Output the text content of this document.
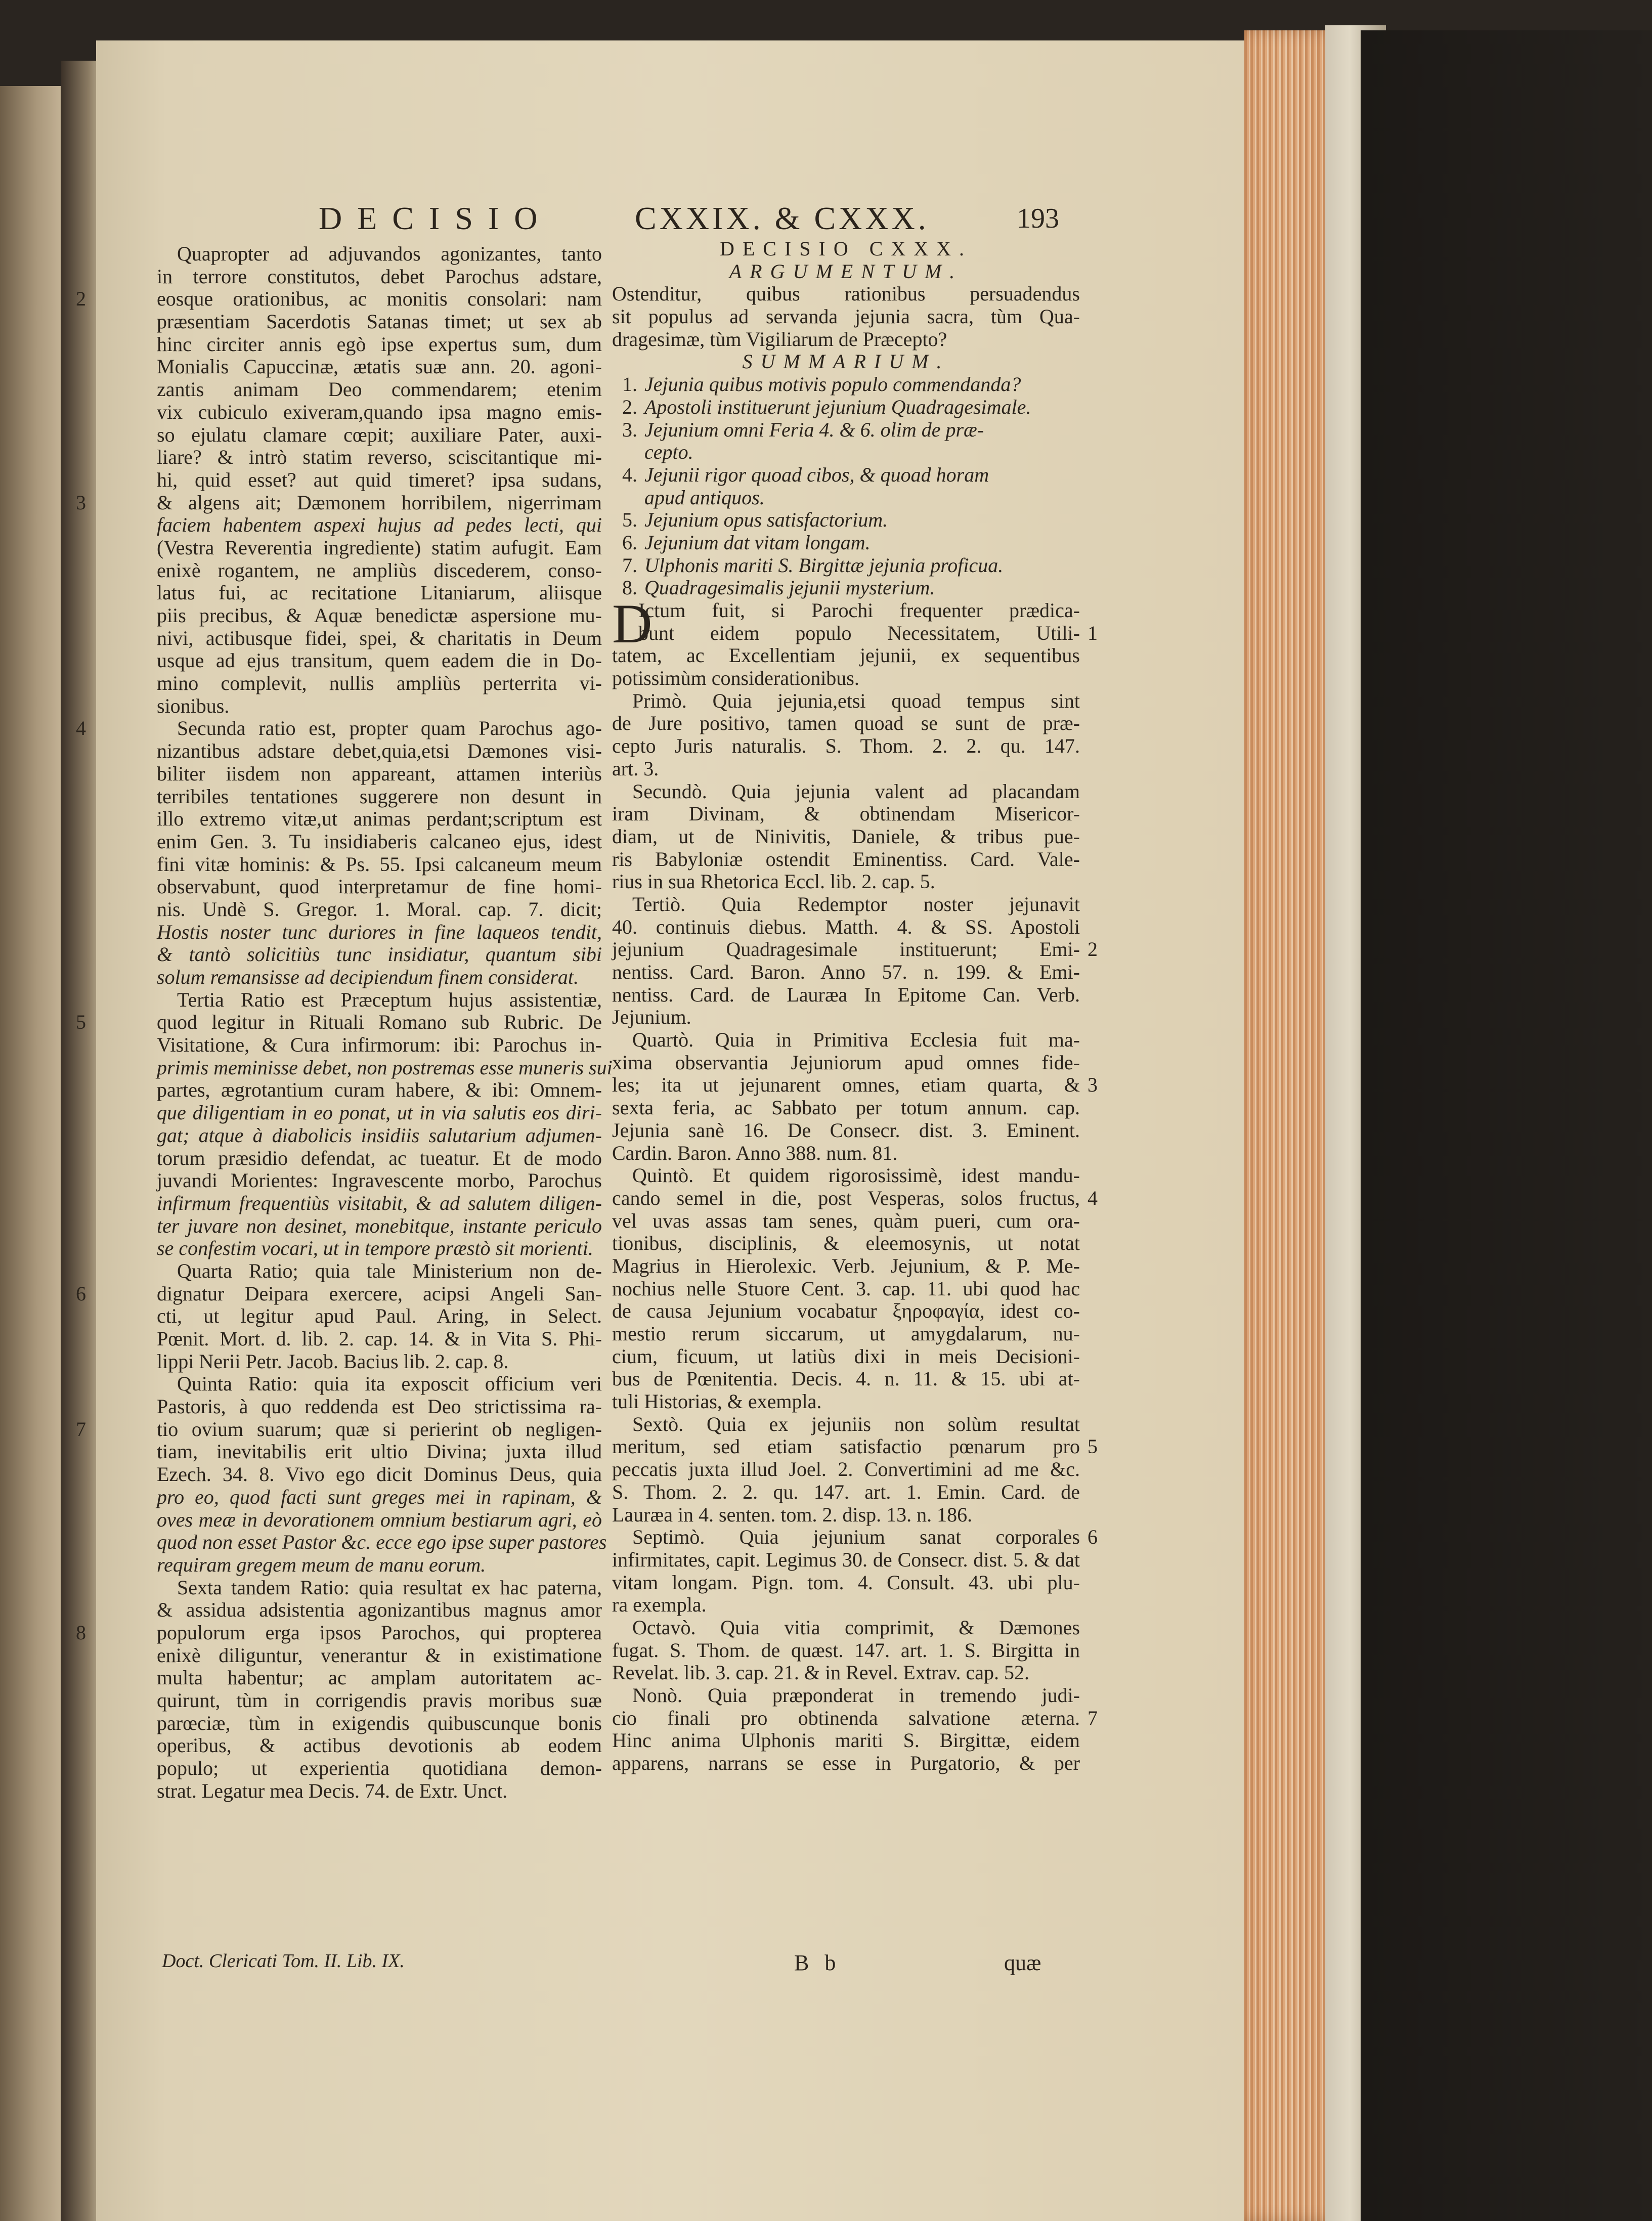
DECISIO	CXXIX. & CXXX.	193
Quapropter ad adjuvandos agonizantes, tanto
in terrore constitutos, debet Parochus adstare,
eosque orationibus, ac monitis consolari: nam
2
præsentiam Sacerdotis Satanas timet; ut sex ab
hinc circiter annis egò ipse expertus sum, dum
Monialis Capuccinæ, ætatis suæ ann. 20. agoni-
zantis animam Deo commendarem; etenim
vix cubiculo exiveram,quando ipsa magno emis-
so ejulatu clamare cœpit; auxiliare Pater, auxi-
liare? & intrò statim reverso, sciscitantique mi-
hi, quid esset? aut quid timeret? ipsa sudans,
& algens ait; Dæmonem horribilem, nigerrimam
3
faciem habentem aspexi hujus ad pedes lecti, qui
(Vestra Reverentia ingrediente) statim aufugit. Eam
enixè rogantem, ne ampliùs discederem, conso-
latus fui, ac recitatione Litaniarum, aliisque
piis precibus, & Aquæ benedictæ aspersione mu-
nivi, actibusque fidei, spei, & charitatis in Deum
usque ad ejus transitum, quem eadem die in Do-
mino complevit, nullis ampliùs perterrita vi-
sionibus.
Secunda ratio est, propter quam Parochus ago-
4
nizantibus adstare debet,quia,etsi Dæmones visi-
biliter iisdem non appareant, attamen interiùs
terribiles tentationes suggerere non desunt in
illo extremo vitæ,ut animas perdant;scriptum est
enim Gen. 3. Tu insidiaberis calcaneo ejus, idest
fini vitæ hominis: & Ps. 55. Ipsi calcaneum meum
observabunt, quod interpretamur de fine homi-
nis. Undè S. Gregor. 1. Moral. cap. 7. dicit;
Hostis noster tunc duriores in fine laqueos tendit,
& tantò solicitiùs tunc insidiatur, quantum sibi
solum remansisse ad decipiendum finem considerat.
Tertia Ratio est Præceptum hujus assistentiæ,
quod legitur in Rituali Romano sub Rubric. De
5
Visitatione, & Cura infirmorum: ibi: Parochus in-
primis meminisse debet, non postremas esse muneris sui
partes, ægrotantium curam habere, & ibi: Omnem-
que diligentiam in eo ponat, ut in via salutis eos diri-
gat; atque à diabolicis insidiis salutarium adjumen-
torum præsidio defendat, ac tueatur. Et de modo
juvandi Morientes: Ingravescente morbo, Parochus
infirmum frequentiùs visitabit, & ad salutem diligen-
ter juvare non desinet, monebitque, instante periculo
se confestim vocari, ut in tempore præstò sit morienti.
Quarta Ratio; quia tale Ministerium non de-
dignatur Deipara exercere, acipsi Angeli San-
6
cti, ut legitur apud Paul. Aring, in Select.
Pœnit. Mort. d. lib. 2. cap. 14. & in Vita S. Phi-
lippi Nerii Petr. Jacob. Bacius lib. 2. cap. 8.
Quinta Ratio: quia ita exposcit officium veri
Pastoris, à quo reddenda est Deo strictissima ra-
tio ovium suarum; quæ si perierint ob negligen-
7
tiam, inevitabilis erit ultio Divina; juxta illud
Ezech. 34. 8. Vivo ego dicit Dominus Deus, quia
pro eo, quod facti sunt greges mei in rapinam, &
oves meæ in devorationem omnium bestiarum agri, eò
quod non esset Pastor &c. ecce ego ipse super pastores
requiram gregem meum de manu eorum.
Sexta tandem Ratio: quia resultat ex hac paterna,
& assidua adsistentia agonizantibus magnus amor
populorum erga ipsos Parochos, qui propterea
8
enixè diliguntur, venerantur & in existimatione
multa habentur; ac amplam autoritatem ac-
quirunt, tùm in corrigendis pravis moribus suæ
parœciæ, tùm in exigendis quibuscunque bonis
operibus, & actibus devotionis ab eodem
populo; ut experientia quotidiana demon-
strat. Legatur mea Decis. 74. de Extr. Unct.
DECISIO CXXX.
ARGUMENTUM.
Ostenditur, quibus rationibus persuadendus
sit populus ad servanda jejunia sacra, tùm Qua-
dragesimæ, tùm Vigiliarum de Præcepto?
SUMMARIUM.
1. Jejunia quibus motivis populo commendanda?
2. Apostoli instituerunt jejunium Quadragesimale.
3. Jejunium omni Feria 4. & 6. olim de præ-
cepto.
4. Jejunii rigor quoad cibos, & quoad horam
apud antiquos.
5. Jejunium opus satisfactorium.
6. Jejunium dat vitam longam.
7. Ulphonis mariti S. Birgittæ jejunia proficua.
8. Quadragesimalis jejunii mysterium.
D
Ictum fuit, si Parochi frequenter prædica-
bunt eidem populo Necessitatem, Utili- 1
tatem, ac Excellentiam jejunii, ex sequentibus
potissimùm considerationibus.
Primò. Quia jejunia,etsi quoad tempus sint
de Jure positivo, tamen quoad se sunt de præ-
cepto Juris naturalis. S. Thom. 2. 2. qu. 147.
art. 3.
Secundò. Quia jejunia valent ad placandam
iram Divinam, & obtinendam Misericor-
diam, ut de Ninivitis, Daniele, & tribus pue-
ris Babyloniæ ostendit Eminentiss. Card. Vale-
rius in sua Rhetorica Eccl. lib. 2. cap. 5.
Tertiò. Quia Redemptor noster jejunavit
40. continuis diebus. Matth. 4. & SS. Apostoli
jejunium Quadragesimale instituerunt; Emi- 2
nentiss. Card. Baron. Anno 57. n. 199. & Emi-
nentiss. Card. de Lauræa In Epitome Can. Verb.
Jejunium.
Quartò. Quia in Primitiva Ecclesia fuit ma-
xima observantia Jejuniorum apud omnes fide-
les; ita ut jejunarent omnes, etiam quarta, & 3
sexta feria, ac Sabbato per totum annum. cap.
Jejunia sanè 16. De Consecr. dist. 3. Eminent.
Cardin. Baron. Anno 388. num. 81.
Quintò. Et quidem rigorosissimè, idest mandu-
cando semel in die, post Vesperas, solos fructus, 4
vel uvas assas tam senes, quàm pueri, cum ora-
tionibus, disciplinis, & eleemosynis, ut notat
Magrius in Hierolexic. Verb. Jejunium, & P. Me-
nochius nelle Stuore Cent. 3. cap. 11. ubi quod hac
de causa Jejunium vocabatur ξηροφαγία, idest co-
mestio rerum siccarum, ut amygdalarum, nu-
cium, ficuum, ut latiùs dixi in meis Decisioni-
bus de Pœnitentia. Decis. 4. n. 11. & 15. ubi at-
tuli Historias, & exempla.
Sextò. Quia ex jejuniis non solùm resultat
meritum, sed etiam satisfactio pœnarum pro 5
peccatis juxta illud Joel. 2. Convertimini ad me &c.
S. Thom. 2. 2. qu. 147. art. 1. Emin. Card. de
Lauræa in 4. senten. tom. 2. disp. 13. n. 186.
Septimò. Quia jejunium sanat corporales 6
infirmitates, capit. Legimus 30. de Consecr. dist. 5. & dat
vitam longam. Pign. tom. 4. Consult. 43. ubi plu-
ra exempla.
Octavò. Quia vitia comprimit, & Dæmones
fugat. S. Thom. de quæst. 147. art. 1. S. Birgitta in
Revelat. lib. 3. cap. 21. & in Revel. Extrav. cap. 52.
Nonò. Quia præponderat in tremendo judi-
cio finali pro obtinenda salvatione æterna. 7
Hinc anima Ulphonis mariti S. Birgittæ, eidem
apparens, narrans se esse in Purgatorio, & per
Doct. Clericati Tom. II. Lib. IX.	B b	quæ
